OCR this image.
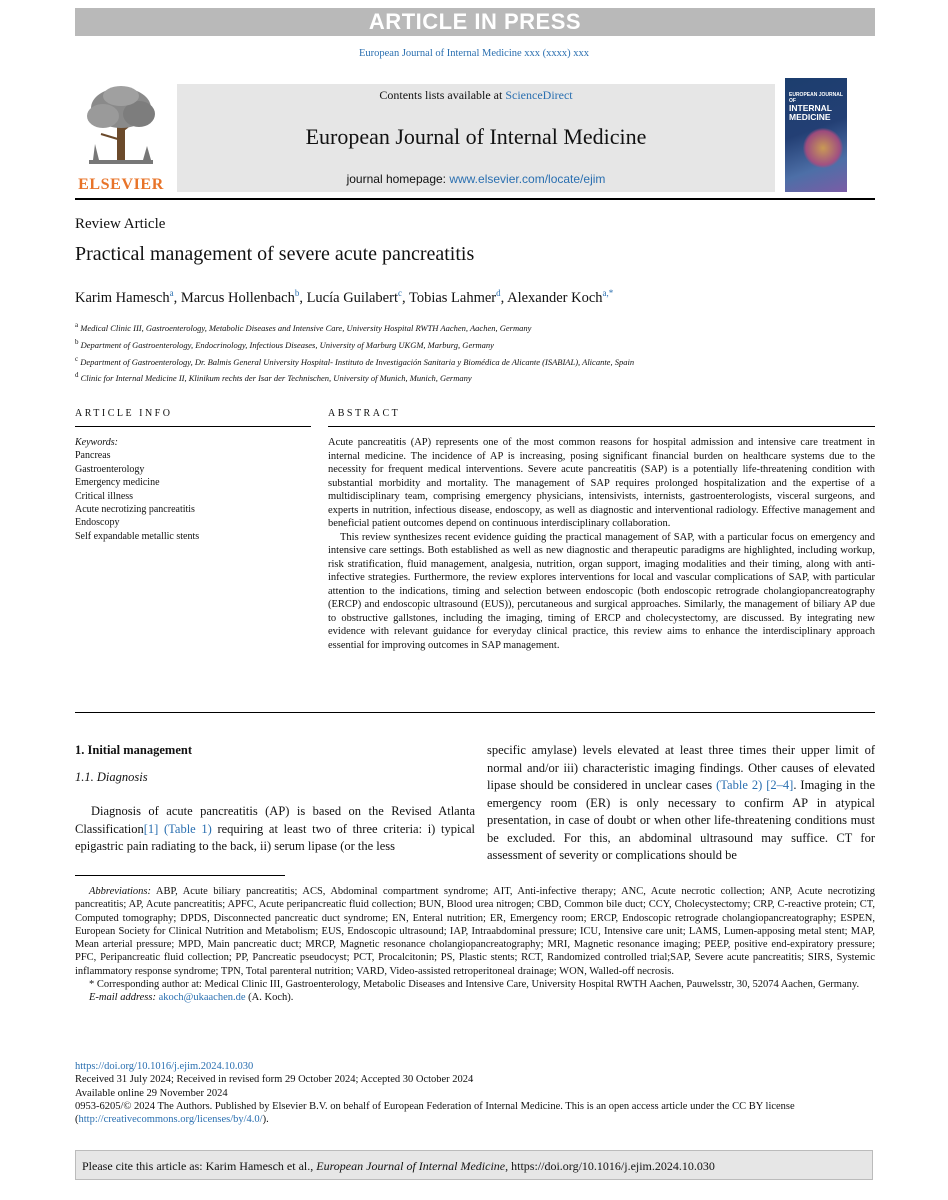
ARTICLE IN PRESS
European Journal of Internal Medicine xxx (xxxx) xxx
ELSEVIER
Contents lists available at ScienceDirect
European Journal of Internal Medicine
journal homepage: www.elsevier.com/locate/ejim
EUROPEAN JOURNAL OF
INTERNAL
MEDICINE
Review Article
Practical management of severe acute pancreatitis
Karim Hamesch$^a$, Marcus Hollenbach$^b$, Lucía Guilabert$^c$, Tobias Lahmer$^d$, Alexander Koch$^{a,*}$
$^a$ Medical Clinic III, Gastroenterology, Metabolic Diseases and Intensive Care, University Hospital RWTH Aachen, Aachen, Germany
$^b$ Department of Gastroenterology, Endocrinology, Infectious Diseases, University of Marburg UKGM, Marburg, Germany
$^c$ Department of Gastroenterology, Dr. Balmis General University Hospital- Instituto de Investigación Sanitaria y Biomédica de Alicante (ISABIAL), Alicante, Spain
$^d$ Clinic for Internal Medicine II, Klinikum rechts der Isar der Technischen, University of Munich, Munich, Germany
ARTICLE INFO	ABSTRACT
Keywords:
Pancreas
Gastroenterology
Emergency medicine
Critical illness
Acute necrotizing pancreatitis
Endoscopy
Self expandable metallic stents

Acute pancreatitis (AP) represents one of the most common reasons for hospital admission and intensive care treatment in internal medicine. The incidence of AP is increasing, posing significant financial burden on healthcare systems due to the necessity for frequent medical interventions. Severe acute pancreatitis (SAP) is a potentially life-threatening condition with substantial morbidity and mortality. The management of SAP requires prolonged hospitalization and the expertise of a multidisciplinary team, comprising emergency physicians, intensivists, internists, gastroenterologists, visceral surgeons, and experts in nutrition, infectious disease, endoscopy, as well as diagnostic and interventional radiology. Effective management and beneficial patient outcomes depend on continuous interdisciplinary collaboration.

This review synthesizes recent evidence guiding the practical management of SAP, with a particular focus on emergency and intensive care settings. Both established as well as new diagnostic and therapeutic paradigms are highlighted, including workup, risk stratification, fluid management, analgesia, nutrition, organ support, imaging modalities and their timing, along with anti-infective strategies. Furthermore, the review explores interventions for local and vascular complications of SAP, with particular attention to the indications, timing and selection between endoscopic (both endoscopic retrograde cholangiopancreatography (ERCP) and endoscopic ultrasound (EUS)), percutaneous and surgical approaches. Similarly, the management of biliary AP due to obstructive gallstones, including the imaging, timing of ERCP and cholecystectomy, are discussed. By integrating new evidence with relevant guidance for everyday clinical practice, this review aims to enhance the interdisciplinary approach essential for improving outcomes in SAP management.

1. Initial management
1.1. Diagnosis

Diagnosis of acute pancreatitis (AP) is based on the Revised Atlanta Classification[1] (Table 1) requiring at least two of three criteria: i) typical epigastric pain radiating to the back, ii) serum lipase (or the less

specific amylase) levels elevated at least three times their upper limit of normal and/or iii) characteristic imaging findings. Other causes of elevated lipase should be considered in unclear cases (Table 2) [2–4]. Imaging in the emergency room (ER) is only necessary to confirm AP in atypical presentation, in case of doubt or when other life-threatening conditions must be excluded. For this, an abdominal ultrasound may suffice. CT for assessment of severity or complications should be

Abbreviations: ABP, Acute biliary pancreatitis; ACS, Abdominal compartment syndrome; AIT, Anti-infective therapy; ANC, Acute necrotic collection; ANP, Acute necrotizing pancreatitis; AP, Acute pancreatitis; APFC, Acute peripancreatic fluid collection; BUN, Blood urea nitrogen; CBD, Common bile duct; CCY, Cholecystectomy; CRP, C-reactive protein; CT, Computed tomography; DPDS, Disconnected pancreatic duct syndrome; EN, Enteral nutrition; ER, Emergency room; ERCP, Endoscopic retrograde cholangiopancreatography; ESPEN, European Society for Clinical Nutrition and Metabolism; EUS, Endoscopic ultrasound; IAP, Intraabdominal pressure; ICU, Intensive care unit; LAMS, Lumen-apposing metal stent; MAP, Mean arterial pressure; MPD, Main pancreatic duct; MRCP, Magnetic resonance cholangiopancreatography; MRI, Magnetic resonance imaging; PEEP, positive end-expiratory pressure; PFC, Peripancreatic fluid collection; PP, Pancreatic pseudocyst; PCT, Procalcitonin; PS, Plastic stents; RCT, Randomized controlled trial;SAP, Severe acute pancreatitis; SIRS, Systemic inflammatory response syndrome; TPN, Total parenteral nutrition; VARD, Video-assisted retroperitoneal drainage; WON, Walled-off necrosis.

* Corresponding author at: Medical Clinic III, Gastroenterology, Metabolic Diseases and Intensive Care, University Hospital RWTH Aachen, Pauwelsstr, 30, 52074 Aachen, Germany.

E-mail address: akoch@ukaachen.de (A. Koch).

https://doi.org/10.1016/j.ejim.2024.10.030

Received 31 July 2024; Received in revised form 29 October 2024; Accepted 30 October 2024

Available online 29 November 2024

0953-6205/© 2024 The Authors. Published by Elsevier B.V. on behalf of European Federation of Internal Medicine. This is an open access article under the CC BY license (http://creativecommons.org/licenses/by/4.0/).

Please cite this article as: Karim Hamesch et al., European Journal of Internal Medicine, https://doi.org/10.1016/j.ejim.2024.10.030
